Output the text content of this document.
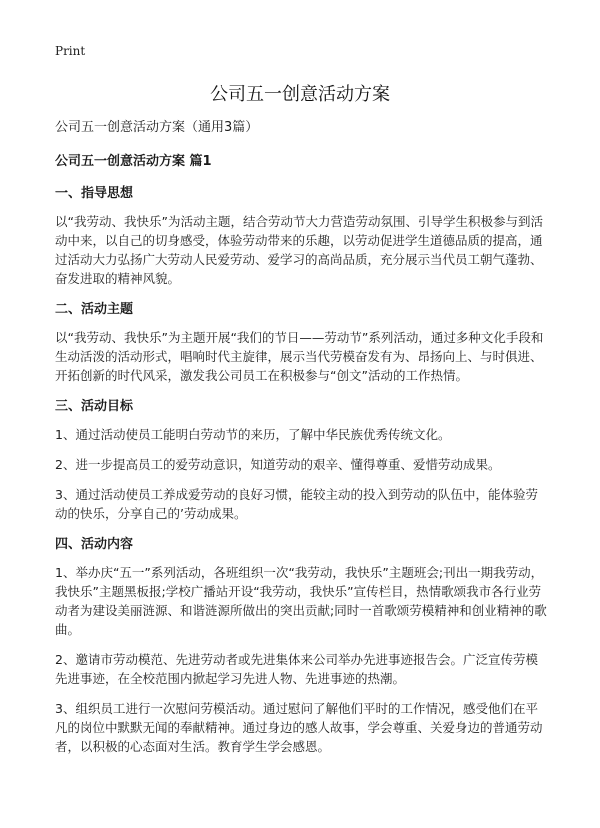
Print
公司五一创意活动方案
公司五一创意活动方案（通用3篇）
公司五一创意活动方案 篇1
一、指导思想
以“我劳动、我快乐”为活动主题，结合劳动节大力营造劳动氛围、引导学生积极参与到活动中来，以自己的切身感受，体验劳动带来的乐趣，以劳动促进学生道德品质的提高，通过活动大力弘扬广大劳动人民爱劳动、爱学习的高尚品质，充分展示当代员工朝气蓬勃、奋发进取的精神风貌。
二、活动主题
以“我劳动、我快乐”为主题开展“我们的节日——劳动节”系列活动，通过多种文化手段和生动活泼的活动形式，唱响时代主旋律，展示当代劳模奋发有为、昂扬向上、与时俱进、开拓创新的时代风采，激发我公司员工在积极参与“创文”活动的工作热情。
三、活动目标
1、通过活动使员工能明白劳动节的来历，了解中华民族优秀传统文化。
2、进一步提高员工的爱劳动意识，知道劳动的艰辛、懂得尊重、爱惜劳动成果。
3、通过活动使员工养成爱劳动的良好习惯，能较主动的投入到劳动的队伍中，能体验劳动的快乐，分享自己的’劳动成果。
四、活动内容
1、举办庆“五一”系列活动，各班组织一次“我劳动，我快乐”主题班会;刊出一期我劳动，我快乐”主题黑板报;学校广播站开设“我劳动，我快乐”宣传栏目，热情歌颂我市各行业劳动者为建设美丽涟源、和谐涟源所做出的突出贡献;同时一首歌颂劳模精神和创业精神的歌曲。
2、邀请市劳动模范、先进劳动者或先进集体来公司举办先进事迹报告会。广泛宣传劳模先进事迹，在全校范围内掀起学习先进人物、先进事迹的热潮。
3、组织员工进行一次慰问劳模活动。通过慰问了解他们平时的工作情况，感受他们在平凡的岗位中默默无闻的奉献精神。通过身边的感人故事，学会尊重、关爱身边的普通劳动者，以积极的心态面对生活。教育学生学会感恩。
